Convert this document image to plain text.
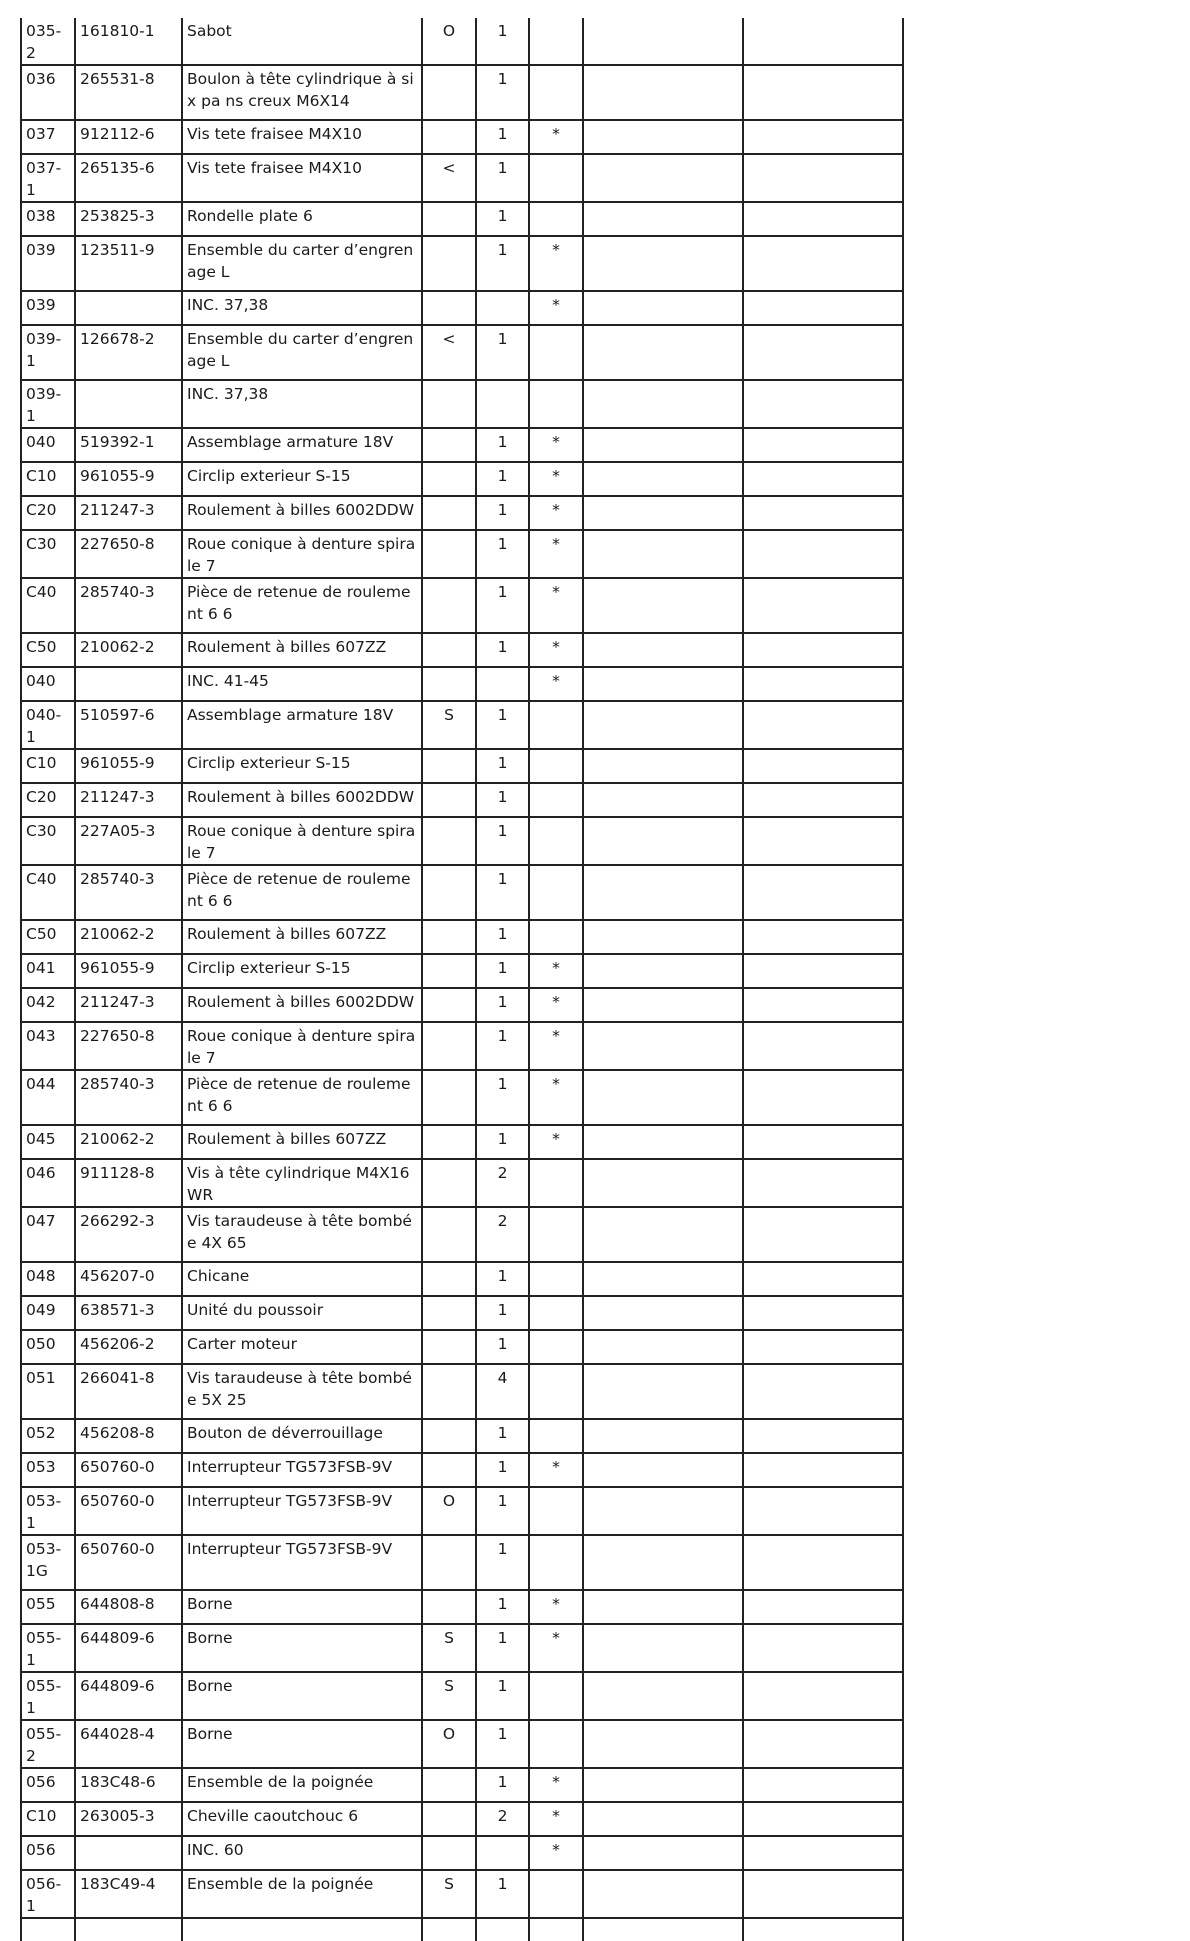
035-2	161810-1	Sabot	O	1			
036	265531-8	Boulon à tête cylindrique à six pa ns creux M6X14		1			
037	912112-6	Vis tete fraisee M4X10		1	*		
037-1	265135-6	Vis tete fraisee M4X10	<	1			
038	253825-3	Rondelle plate 6		1			
039	123511-9	Ensemble du carter d’engrenage L		1	*		
039		INC. 37,38			*		
039-1	126678-2	Ensemble du carter d’engrenage L	<	1			
039-1		INC. 37,38					
040	519392-1	Assemblage armature 18V		1	*		
C10	961055-9	Circlip exterieur S-15		1	*		
C20	211247-3	Roulement à billes 6002DDW		1	*		
C30	227650-8	Roue conique à denture spirale 7		1	*		
C40	285740-3	Pièce de retenue de roulement 6 6		1	*		
C50	210062-2	Roulement à billes 607ZZ		1	*		
040		INC. 41-45			*		
040-1	510597-6	Assemblage armature 18V	S	1			
C10	961055-9	Circlip exterieur S-15		1			
C20	211247-3	Roulement à billes 6002DDW		1			
C30	227A05-3	Roue conique à denture spirale 7		1			
C40	285740-3	Pièce de retenue de roulement 6 6		1			
C50	210062-2	Roulement à billes 607ZZ		1			
041	961055-9	Circlip exterieur S-15		1	*		
042	211247-3	Roulement à billes 6002DDW		1	*		
043	227650-8	Roue conique à denture spirale 7		1	*		
044	285740-3	Pièce de retenue de roulement 6 6		1	*		
045	210062-2	Roulement à billes 607ZZ		1	*		
046	911128-8	Vis à tête cylindrique M4X16 WR		2			
047	266292-3	Vis taraudeuse à tête bombée 4X 65		2			
048	456207-0	Chicane		1			
049	638571-3	Unité du poussoir		1			
050	456206-2	Carter moteur		1			
051	266041-8	Vis taraudeuse à tête bombée 5X 25		4			
052	456208-8	Bouton de déverrouillage		1			
053	650760-0	Interrupteur TG573FSB-9V		1	*		
053-1	650760-0	Interrupteur TG573FSB-9V	O	1			
053-1G	650760-0	Interrupteur TG573FSB-9V		1			
055	644808-8	Borne		1	*		
055-1	644809-6	Borne	S	1	*		
055-1	644809-6	Borne	S	1			
055-2	644028-4	Borne	O	1			
056	183C48-6	Ensemble de la poignée		1	*		
C10	263005-3	Cheville caoutchouc 6		2	*		
056		INC. 60			*		
056-1	183C49-4	Ensemble de la poignée	S	1			
